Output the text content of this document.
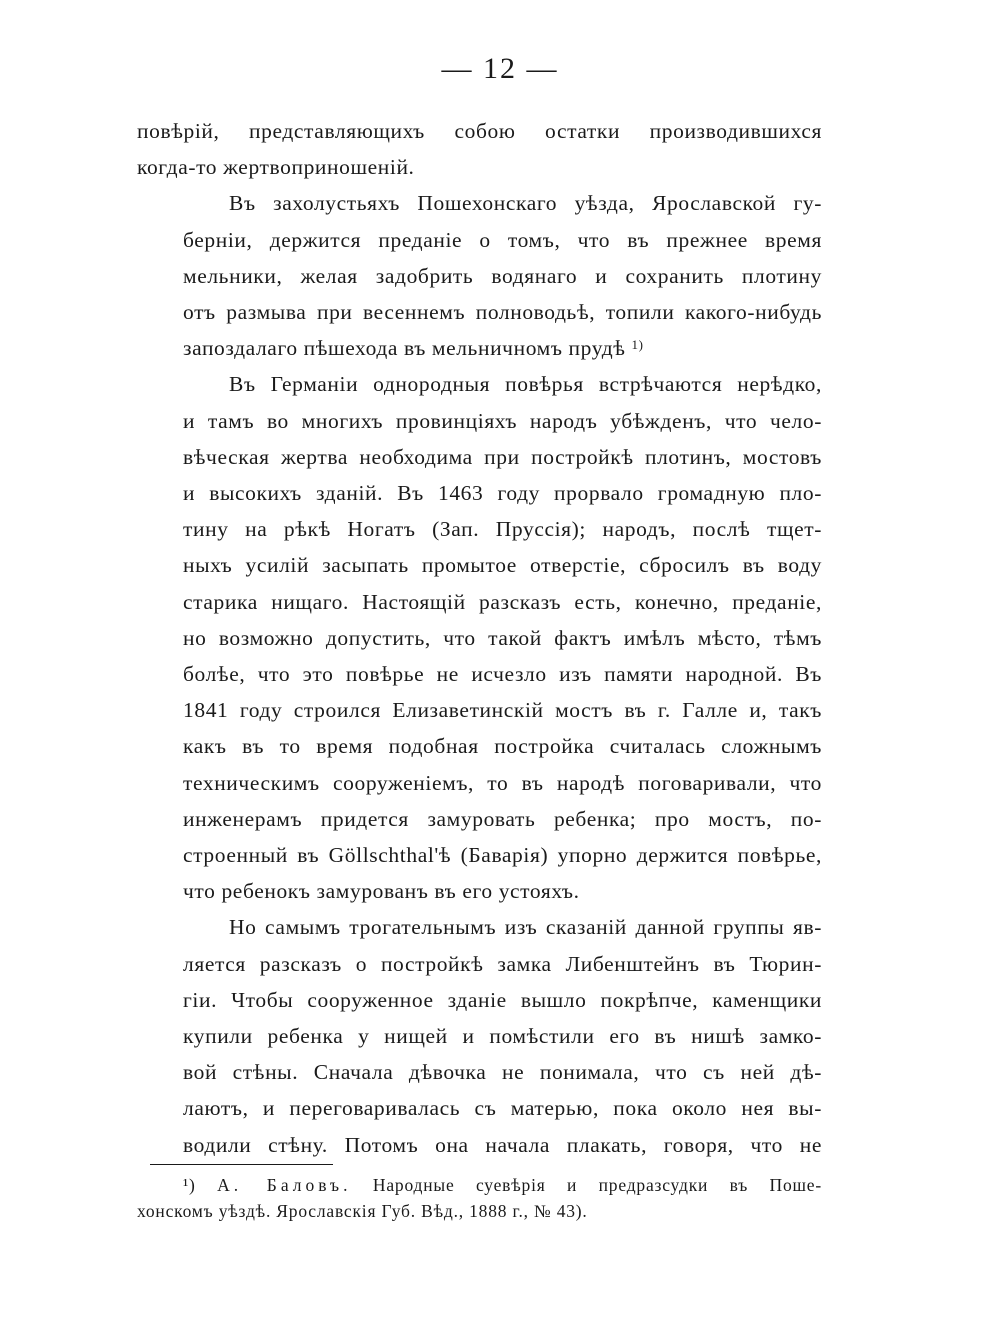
— 12 —

повѣрій, представляющихъ собою остатки производившихся
когда-то жертвоприношеній.

Въ захолустьяхъ Пошехонскаго уѣзда, Ярославской гу-
берніи, держится преданіе о томъ, что въ прежнее время
мельники, желая задобрить водянаго и сохранить плотину
отъ размыва при весеннемъ полноводьѣ, топили какого-нибудь
запоздалаго пѣшехода въ мельничномъ прудѣ $^{1)}$

Въ Германіи однородныя повѣрья встрѣчаются нерѣдко,
и тамъ во многихъ провинціяхъ народъ убѣжденъ, что чело-
вѣческая жертва необходима при постройкѣ плотинъ, мостовъ
и высокихъ зданій. Въ 1463 году прорвало громадную пло-
тину на рѣкѣ Ногатъ (Зап. Пруссія); народъ, послѣ тщет-
ныхъ усилій засыпать промытое отверстіе, сбросилъ въ воду
старика нищаго. Настоящій разсказъ есть, конечно, преданіе,
но возможно допустить, что такой фактъ имѣлъ мѣсто, тѣмъ
болѣе, что это повѣрье не исчезло изъ памяти народной. Въ
1841 году строился Елизаветинскій мостъ въ г. Галле и, такъ
какъ въ то время подобная постройка считалась сложнымъ
техническимъ сооруженіемъ, то въ народѣ поговаривали, что
инженерамъ придется замуровать ребенка; про мостъ, по-
строенный въ Göllschthal'ѣ (Баварія) упорно держится повѣрье,
что ребенокъ замурованъ въ его устояхъ.

Но самымъ трогательнымъ изъ сказаній данной группы яв-
ляется разсказъ о постройкѣ замка Либенштейнъ въ Тюрин-
гіи. Чтобы сооруженное зданіе вышло покрѣпче, каменщики
купили ребенка у нищей и помѣстили его въ нишѣ замко-
вой стѣны. Сначала дѣвочка не понимала, что съ ней дѣ-
лаютъ, и переговаривалась съ матерью, пока около нея вы-
водили стѣну. Потомъ она начала плакать, говоря, что не

¹) А. Баловъ. Народные суевѣрія и предразсудки въ Поше-
хонскомъ уѣздѣ. Ярославскія Губ. Вѣд., 1888 г., № 43).
